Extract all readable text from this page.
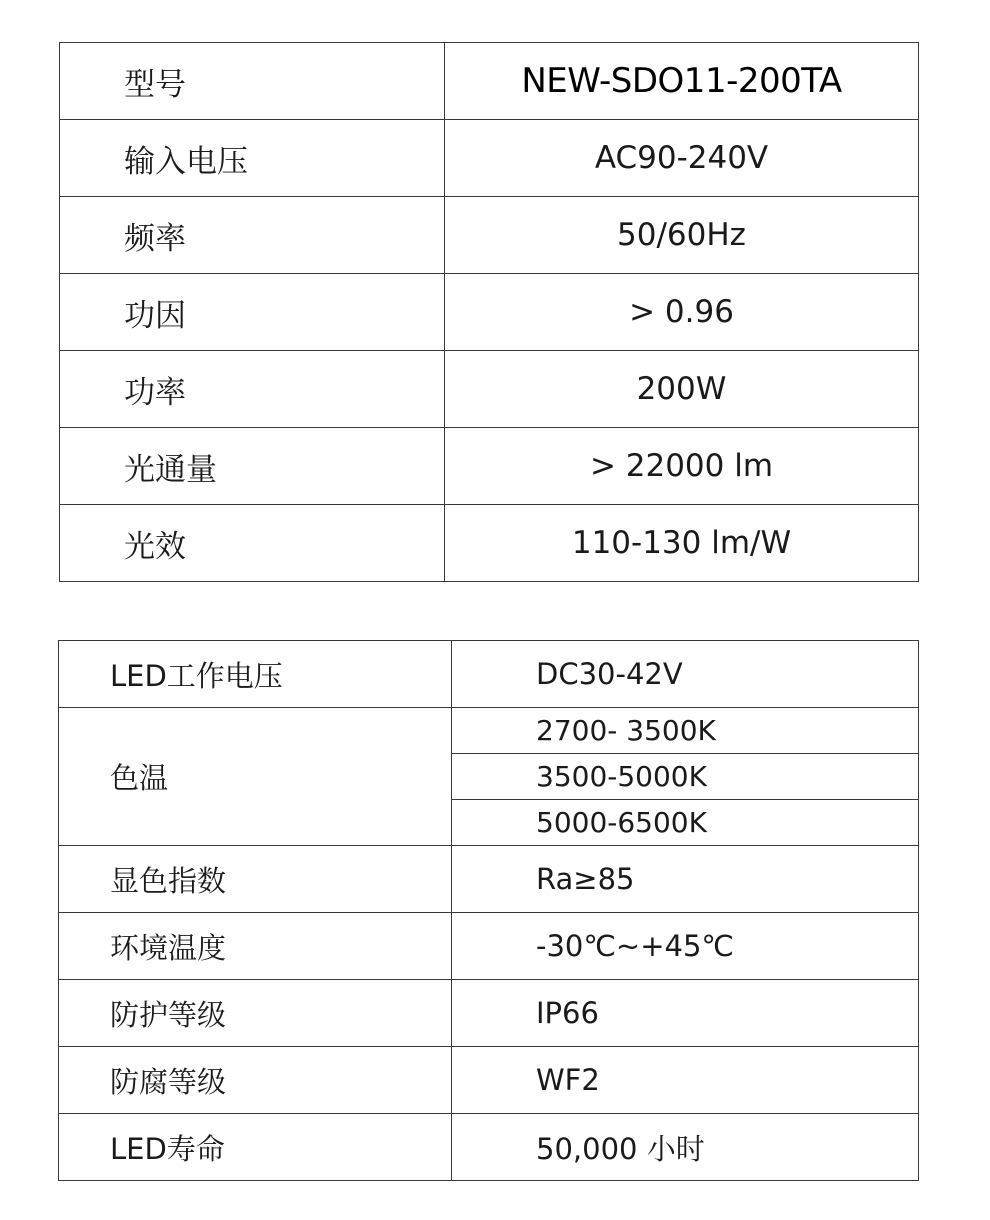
型号	NEW-SDO11-200TA
输入电压	AC90-240V
频率	50/60Hz
功因	> 0.96
功率	200W
光通量	> 22000 lm
光效	110-130 lm/W
LED工作电压	DC30-42V
色温	2700- 3500K
	3500-5000K
	5000-6500K
显色指数	Ra≥85
环境温度	-30℃~+45℃
防护等级	IP66
防腐等级	WF2
LED寿命	50,000 小时
